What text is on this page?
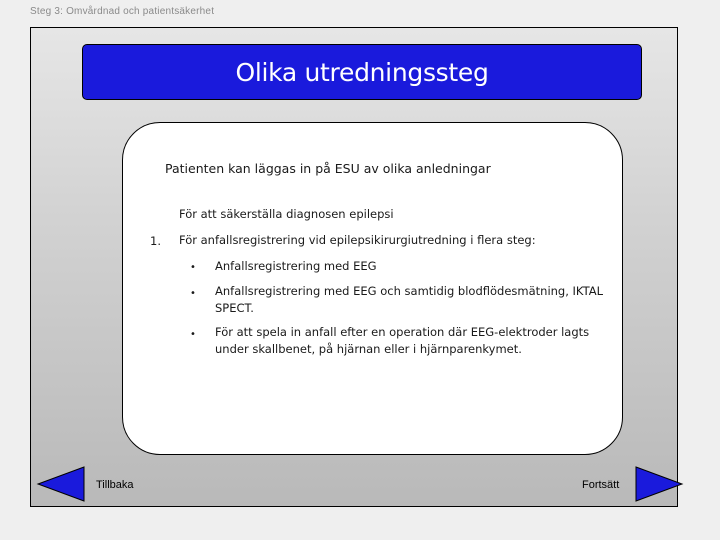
Steg 3: Omvårdnad och patientsäkerhet
Olika utredningssteg
Patienten kan läggas in på ESU av olika anledningar
För att säkerställa diagnosen epilepsi
1. För anfallsregistrering vid epilepsikirurgiutredning i flera steg:
• Anfallsregistrering med EEG
• Anfallsregistrering med EEG och samtidig blodflödesmätning, IKTAL SPECT.
• För att spela in anfall efter en operation där EEG-elektroder lagts under skallbenet, på hjärnan eller i hjärnparenkymet.
Tillbaka	Fortsätt
